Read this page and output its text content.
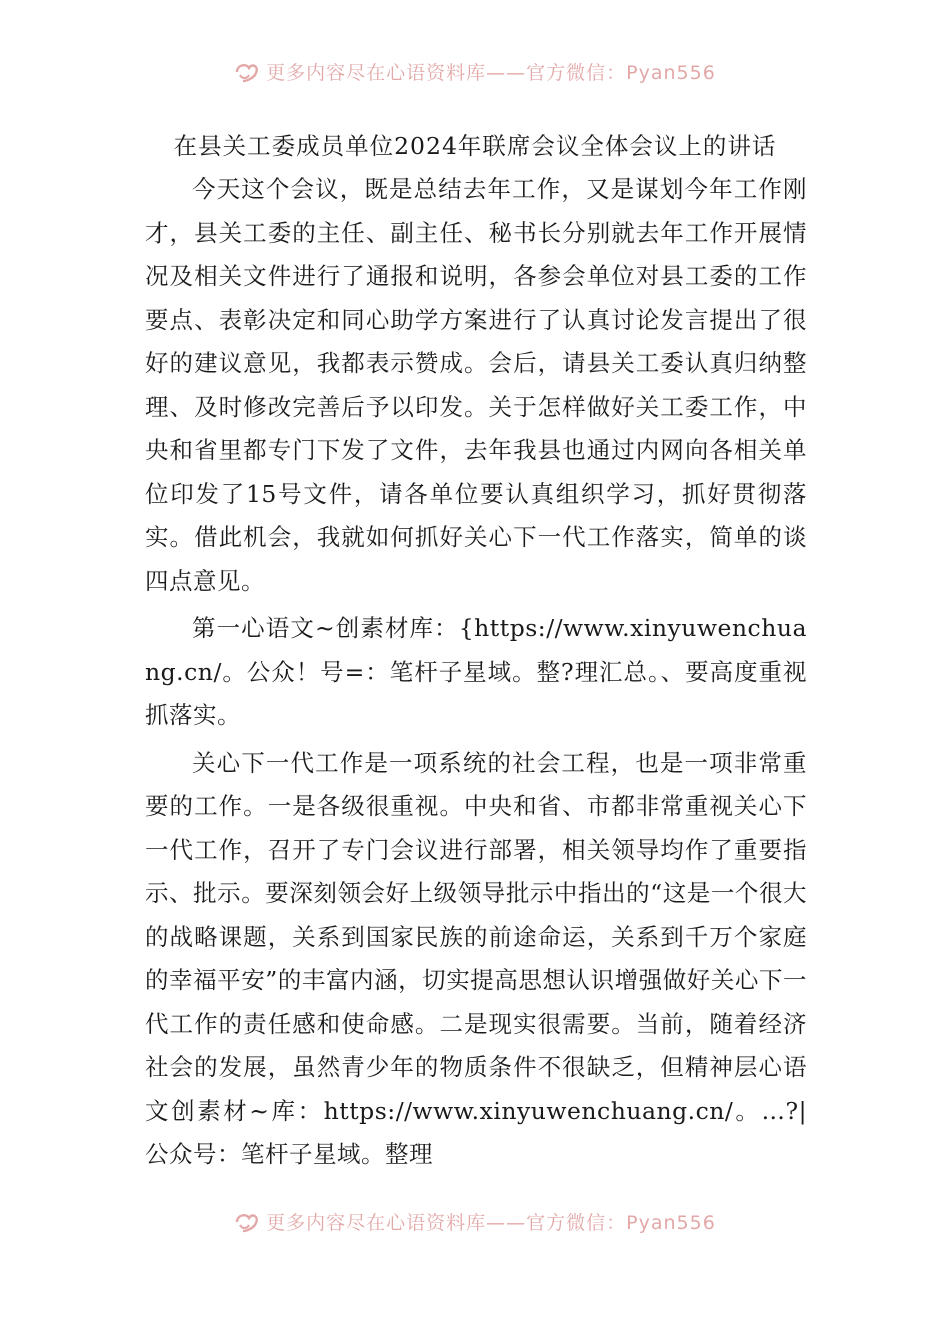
更多内容尽在心语资料库——官方微信：Pyan556
在县关工委成员单位2024年联席会议全体会议上的讲话

今天这个会议，既是总结去年工作，又是谋划今年工作刚才，县关工委的主任、副主任、秘书长分别就去年工作开展情况及相关文件进行了通报和说明，各参会单位对县工委的工作要点、表彰决定和同心助学方案进行了认真讨论发言提出了很好的建议意见，我都表示赞成。会后，请县关工委认真归纳整理、及时修改完善后予以印发。关于怎样做好关工委工作，中央和省里都专门下发了文件，去年我县也通过内网向各相关单位印发了15号文件，请各单位要认真组织学习，抓好贯彻落实。借此机会，我就如何抓好关心下一代工作落实，简单的谈四点意见。

第一心语文~创素材库：{https://www.xinyuwenchuang.cn/。公众！号=：笔杆子星域。整?理汇总。、要高度重视抓落实。

关心下一代工作是一项系统的社会工程，也是一项非常重要的工作。一是各级很重视。中央和省、市都非常重视关心下一代工作，召开了专门会议进行部署，相关领导均作了重要指示、批示。要深刻领会好上级领导批示中指出的“这是一个很大的战略课题，关系到国家民族的前途命运，关系到千万个家庭的幸福平安”的丰富内涵，切实提高思想认识增强做好关心下一代工作的责任感和使命感。二是现实很需要。当前，随着经济社会的发展，虽然青少年的物质条件不很缺乏，但精神层心语文创素材~库：https://www.xinyuwenchuang.cn/。…?|公众号：笔杆子星域。整理

更多内容尽在心语资料库——官方微信：Pyan556
